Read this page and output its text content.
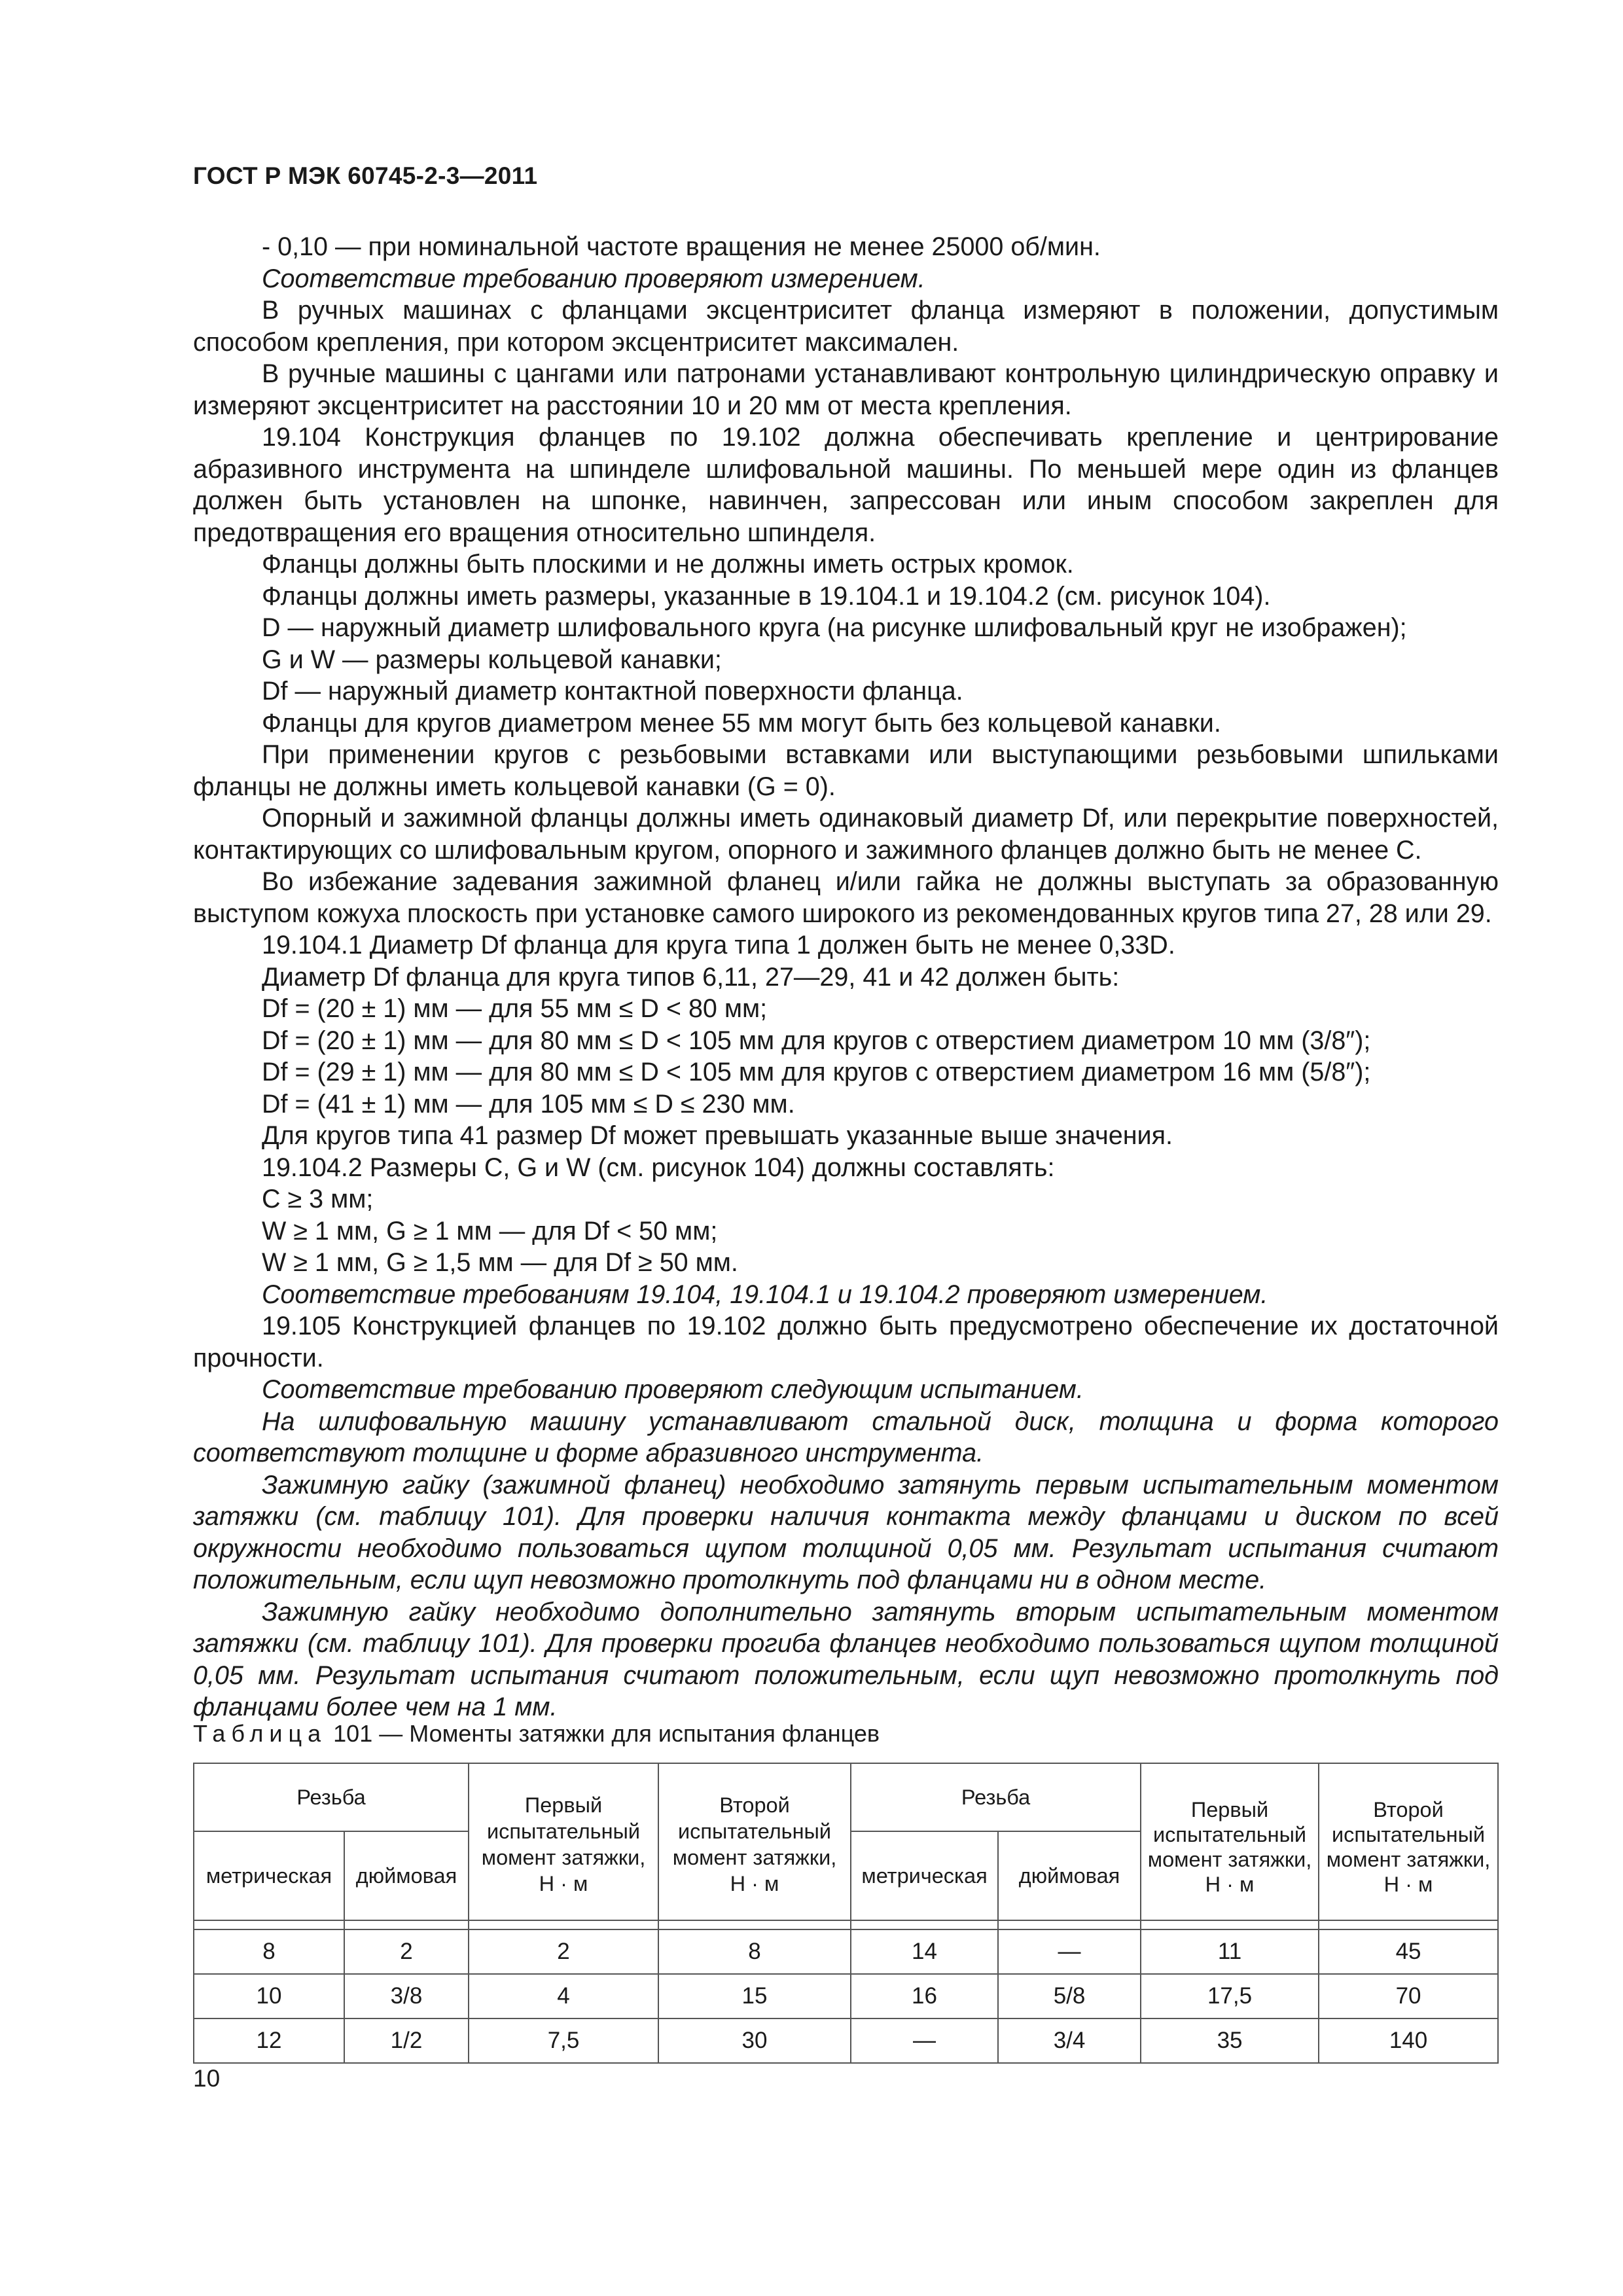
ГОСТ Р МЭК 60745-2-3—2011

- 0,10 — при номинальной частоте вращения не менее 25000 об/мин.

Соответствие требованию проверяют измерением.

В ручных машинах с фланцами эксцентриситет фланца измеряют в положении, допустимым способом крепления, при котором эксцентриситет максимален.

В ручные машины с цангами или патронами устанавливают контрольную цилиндрическую оправку и измеряют эксцентриситет на расстоянии 10 и 20 мм от места крепления.

19.104 Конструкция фланцев по 19.102 должна обеспечивать крепление и центрирование абразивного инструмента на шпинделе шлифовальной машины. По меньшей мере один из фланцев должен быть установлен на шпонке, навинчен, запрессован или иным способом закреплен для предотвращения его вращения относительно шпинделя.

Фланцы должны быть плоскими и не должны иметь острых кромок.

Фланцы должны иметь размеры, указанные в 19.104.1 и 19.104.2 (см. рисунок 104).

D — наружный диаметр шлифовального круга (на рисунке шлифовальный круг не изображен);

G и W — размеры кольцевой канавки;

Df — наружный диаметр контактной поверхности фланца.

Фланцы для кругов диаметром менее 55 мм могут быть без кольцевой канавки.

При применении кругов с резьбовыми вставками или выступающими резьбовыми шпильками фланцы не должны иметь кольцевой канавки (G = 0).

Опорный и зажимной фланцы должны иметь одинаковый диаметр Df, или перекрытие поверхностей, контактирующих со шлифовальным кругом, опорного и зажимного фланцев должно быть не менее C.

Во избежание задевания зажимной фланец и/или гайка не должны выступать за образованную выступом кожуха плоскость при установке самого широкого из рекомендованных кругов типа 27, 28 или 29.

19.104.1 Диаметр Df фланца для круга типа 1 должен быть не менее 0,33D.

Диаметр Df фланца для круга типов 6,11, 27—29, 41 и 42 должен быть:

Df = (20 ± 1) мм — для 55 мм ≤ D < 80 мм;

Df = (20 ± 1) мм — для 80 мм ≤ D < 105 мм для кругов с отверстием диаметром 10 мм (3/8″);

Df = (29 ± 1) мм — для 80 мм ≤ D < 105 мм для кругов с отверстием диаметром 16 мм (5/8″);

Df = (41 ± 1) мм — для 105 мм ≤ D ≤ 230 мм.

Для кругов типа 41 размер Df может превышать указанные выше значения.

19.104.2 Размеры C, G и W (см. рисунок 104) должны составлять:

C ≥ 3 мм;

W ≥ 1 мм, G ≥ 1 мм — для Df < 50 мм;

W ≥ 1 мм, G ≥ 1,5 мм — для Df ≥ 50 мм.

Соответствие требованиям 19.104, 19.104.1 и 19.104.2 проверяют измерением.

19.105 Конструкцией фланцев по 19.102 должно быть предусмотрено обеспечение их достаточной прочности.

Соответствие требованию проверяют следующим испытанием.

На шлифовальную машину устанавливают стальной диск, толщина и форма которого соответствуют толщине и форме абразивного инструмента.

Зажимную гайку (зажимной фланец) необходимо затянуть первым испытательным моментом затяжки (см. таблицу 101). Для проверки наличия контакта между фланцами и диском по всей окружности необходимо пользоваться щупом толщиной 0,05 мм. Результат испытания считают положительным, если щуп невозможно протолкнуть под фланцами ни в одном месте.

Зажимную гайку необходимо дополнительно затянуть вторым испытательным моментом затяжки (см. таблицу 101). Для проверки прогиба фланцев необходимо пользоваться щупом толщиной 0,05 мм. Результат испытания считают положительным, если щуп невозможно протолкнуть под фланцами более чем на 1 мм.

Таблица 101 — Моменты затяжки для испытания фланцев
Резьба		Первый испытательный момент затяжки, Н · м	Второй испытательный момент затяжки, Н · м	Резьба		Первый испытательный момент затяжки, Н · м	Второй испытательный момент затяжки, Н · м
метрическая	дюймовая			метрическая	дюймовая		

8	2	2	8	14	—	11	45
10	3/8	4	15	16	5/8	17,5	70
12	1/2	7,5	30	—	3/4	35	140
10
